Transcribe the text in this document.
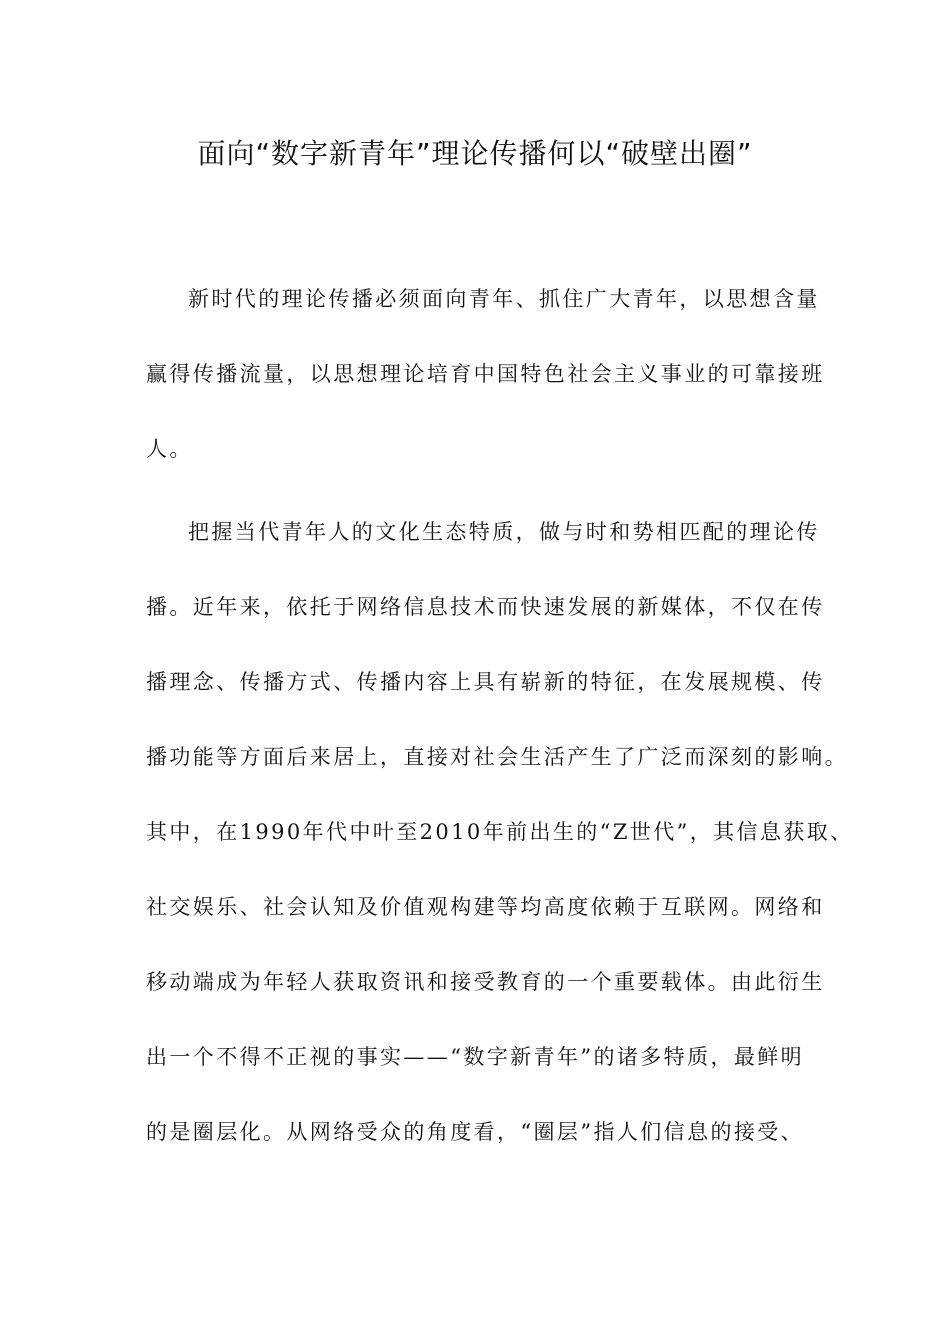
面向“数字新青年”理论传播何以“破壁出圈”
新时代的理论传播必须面向青年、抓住广大青年，以思想含量
赢得传播流量，以思想理论培育中国特色社会主义事业的可靠接班
人。
把握当代青年人的文化生态特质，做与时和势相匹配的理论传
播。近年来，依托于网络信息技术而快速发展的新媒体，不仅在传
播理念、传播方式、传播内容上具有崭新的特征，在发展规模、传
播功能等方面后来居上，直接对社会生活产生了广泛而深刻的影响。
其中，在1990年代中叶至2010年前出生的“Z世代”，其信息获取、
社交娱乐、社会认知及价值观构建等均高度依赖于互联网。网络和
移动端成为年轻人获取资讯和接受教育的一个重要载体。由此衍生
出一个不得不正视的事实——“数字新青年”的诸多特质，最鲜明
的是圈层化。从网络受众的角度看，“圈层”指人们信息的接受、
